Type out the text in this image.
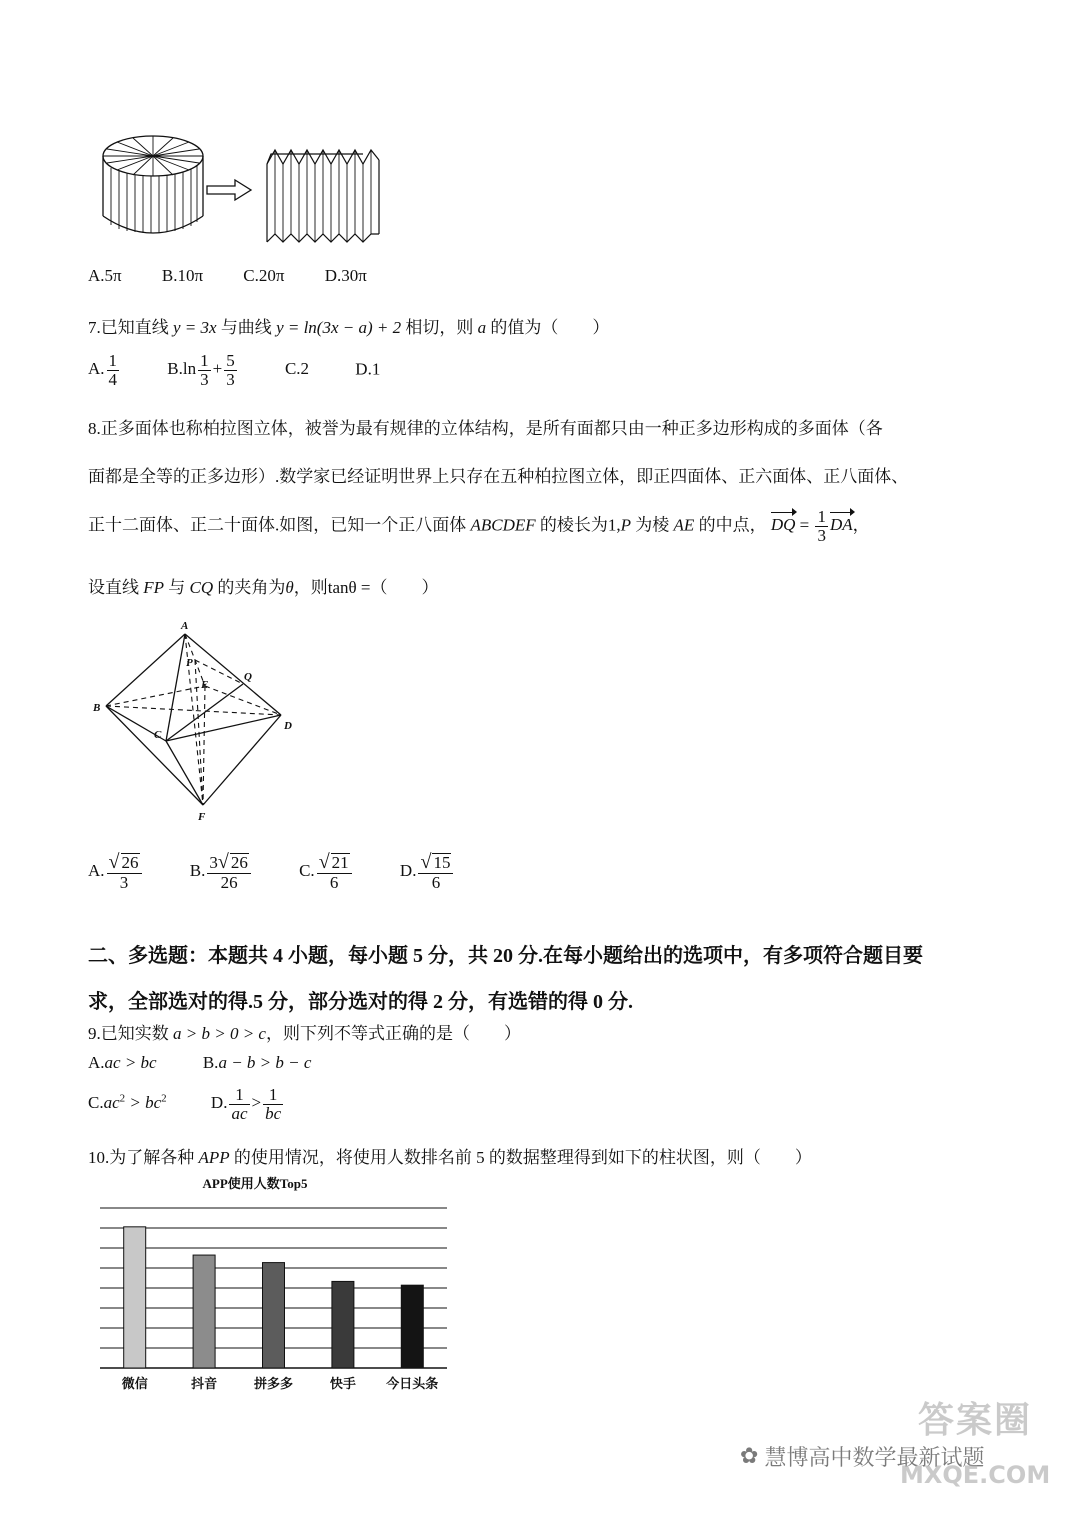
A.5π B.10π C.20π D.30π
7.已知直线 y = 3x 与曲线 y = ln(3x − a) + 2 相切，则 a 的值为（　　）
A. $\frac{1}{4}$	$B.\ln \frac{1}{3} + \frac{5}{3}$	C.2	D.1
8.正多面体也称柏拉图立体，被誉为最有规律的立体结构，是所有面都只由一种正多边形构成的多面体（各
面都是全等的正多边形）.数学家已经证明世界上只存在五种柏拉图立体，即正四面体、正六面体、正八面体、
正十二面体、正二十面体.如图，已知一个正八面体 ABCDEF 的棱长为1,P 为棱 AE 的中点， DQ = $\frac{1}{3}$ DA，
设直线 FP 与 CQ 的夹角为θ，则tanθ =（　　）
A
P
E
Q
B
C
D
F
A. $\frac{√ 26}{3}$	B. $\frac{3√ 26}{26}$	C. $\frac{√ 21}{6}$	D. $\frac{√ 15}{6}$
二、多选题：本题共 4 小题，每小题 5 分，共 20 分.在每小题给出的选项中，有多项符合题目要
求，全部选对的得.5 分，部分选对的得 2 分，有选错的得 0 分.
9.已知实数 a > b > 0 > c，则下列不等式正确的是（　　）
A.ac > bc	B.a − b > b − c
$C.ac^2 > bc^2$	D. $\frac{1}{ac} > \frac{1}{bc}$
10.为了解各种 APP 的使用情况，将使用人数排名前 5 的数据整理得到如下的柱状图，则（　　）
APP使用人数Top5
微信	抖音	拼多多	快手 今日头条
✿ 慧博高中数学最新试题
答案圈
MXQE.COM
